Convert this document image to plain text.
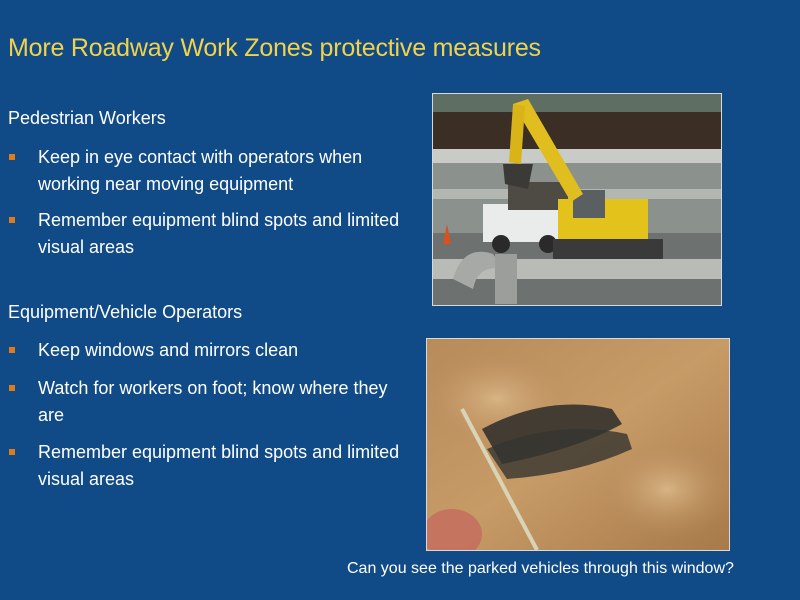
More Roadway Work Zones protective measures
Pedestrian Workers
Keep in eye contact with operators when working near moving equipment
Remember equipment blind spots and limited visual areas
Equipment/Vehicle Operators
Keep windows and mirrors clean
Watch for workers on foot; know where they are
Remember equipment blind spots and limited visual areas
Can you see the parked vehicles through this window?
